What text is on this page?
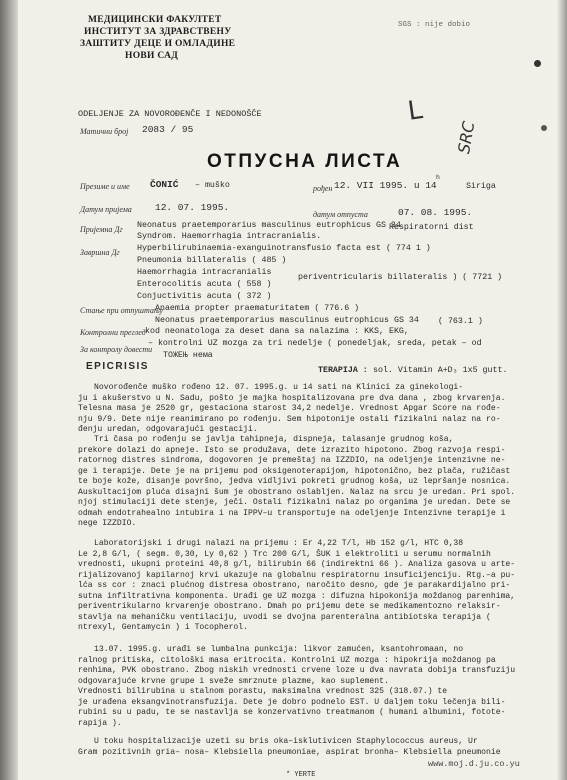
МЕДИЦИНСКИ ФАКУЛТЕТ
ИНСТИТУТ ЗА ЗДРАВСТВЕНУ
ЗАШТИТУ ДЕЦЕ И ОМЛАДИНЕ
НОВИ САД
SGS : nije dobio
L
SRC
ODELJENJE ZA NOVOROĐENČE I NEDONOŠČE
Матични број 2083 / 95
ОТПУСНА ЛИСТА
Презиме и име ČONIĆ – muško	рођен 12. VII 1995. u 14
h
Siriga
Датум пријема 12. 07. 1995.
датум отпуста	07. 08. 1995.
Пријемна Дг Neonatus praetemporarius masculinus eutrophicus GS 34
Respiratorni dist
Syndrom. Haemorrhagia intracranialis.
Завршна Дг Hyperbilirubinaemia-exanguinotransfusio facta est ( 774 1 )
Pneumonia billateralis ( 485 )
Haemorrhagia intracranialis
periventricularis billateralis ) ( 7721 )
Enterocolitis acuta ( 558 )
Conjuctivitis acuta ( 372 )
Стање при отпуштању
Anaemia propter praematuritatem ( 776.6 )
Neonatus praetemporarius masculinus eutrophicus GS 34 ( 763.1 )
Контролни преглед kod neonatologa za deset dana sa nalazima : KKS, EKG,
– kontrolni UZ mozga za tri nedelje ( ponedeljak, sreda, petak – od
За контролу довести
ТОЖЕЊ нема
EPICRISIS	TERAPIJA : sol. Vitamin A+D₃ 1x5 gutt.
Novorođenče muško rođeno 12. 07. 1995.g. u 14 sati na Klinici za ginekologi-
ju i akušerstvo u N. Sadu, pošto je majka hospitalizovana pre dva dana , zbog krvarenja.
Telesna masa je 2520 gr, gestaciona starost 34,2 nedelje. Vrednost Apgar Score na rođe-
nju 9/9. Dete nije reanimirano po rođenju. Sem hipotonije ostali fizikalni nalaz na ro-
đenju uredan, odgovarajući gestaciji.
Tri časa po rođenju se javlja tahipneja, dispneja, talasanje grudnog koša,
prekore dolazi do apneje. Isto se produžava, dete izrazito hipotono. Zbog razvoja respi-
ratornog distres sindroma, dogovoren je premeštaj na IZZDIO, na odeljenje intenzivne ne-
ge i terapije. Dete je na prijemu pod oksigenoterapijom, hipotonično, bez plača, ružičast
te boje kože, disanje površno, jedva vidljivi pokreti grudnog koša, uz lepršanje nosnica.
Auskultacijom pluća disajni šum je obostrano oslabljen. Nalaz na srcu je uredan. Pri spol.
njoj stimulaciji dete stenje, ječi. Ostali fizikalni nalaz po organima je uredan. Dete se
odmah endotrahealno intubira i na IPPV–u transportuje na odeljenje Intenzivne terapije i
nege IZZDIO.
Laboratorijski i drugi nalazi na prijemu : Er 4,22 T/l, Hb 152 g/l, HTC 0,38
Le 2,8 G/l, ( segm. 0,30, Ly 0,62 ) Trc 200 G/l, ŠUK i elektroliti u serumu normalnih
vrednosti, ukupni proteini 40,8 g/l, bilirubin 66 (indirektni 66 ). Analiza gasova u arte-
rijalizovanoj kapilarnoj krvi ukazuje na globalnu respiratornu insuficijenciju. Rtg.–a pu-
lća ss cor : znaci plućnog distresa obostrano, naročito desno, gde je parakardijalno pri-
sutna infiltrativna komponenta. Urađi ge UZ mozga : difuzna hipokonija moždanog parenhima,
periventrikularno krvarenje obostrano. Dmah po prijemu dete se medikamentozno relaksir-
stavlja na mehaničku ventilaciju, uvodi se dvojna parenteralna antibiotska terapija (
ntrexyl, Gentamycin ) i Tocopherol.
13.07. 1995.g. urađi se lumbalna punkcija: likvor zamućen, ksantohromaan, no
ralnog pritiska, citološki masa eritrocita. Kontrolni UZ mozga : hipokrija moždanog pa
renhima, PVK obostrano. Zbog niskih vrednosti crvene loze u dva navrata dobija transfuziju
odgovarajuće krvne grupe i sveže smrznute plazme, kao suplement.
Vrednosti bilirubina u stalnom porastu, maksimalna vrednost 325 (318.07.) te
je urađena eksangvinotransfuzija. Dete je dobro podnelo EST. U daljem toku lečenja bili-
rubini su u padu, te se nastavlja se konzervativno treatmanom ( humani albumini, fotote-
rapija ).
U toku hospitalizacije uzeti su bris oka–isklutivicen Staphylococcus aureus, Ur
Gram pozitivnih gria– nosa– Klebsiella pneumoniae, aspirat bronha– Klebsiella pneumonie
* YERTE
www.moj.d.ju.co.yu
